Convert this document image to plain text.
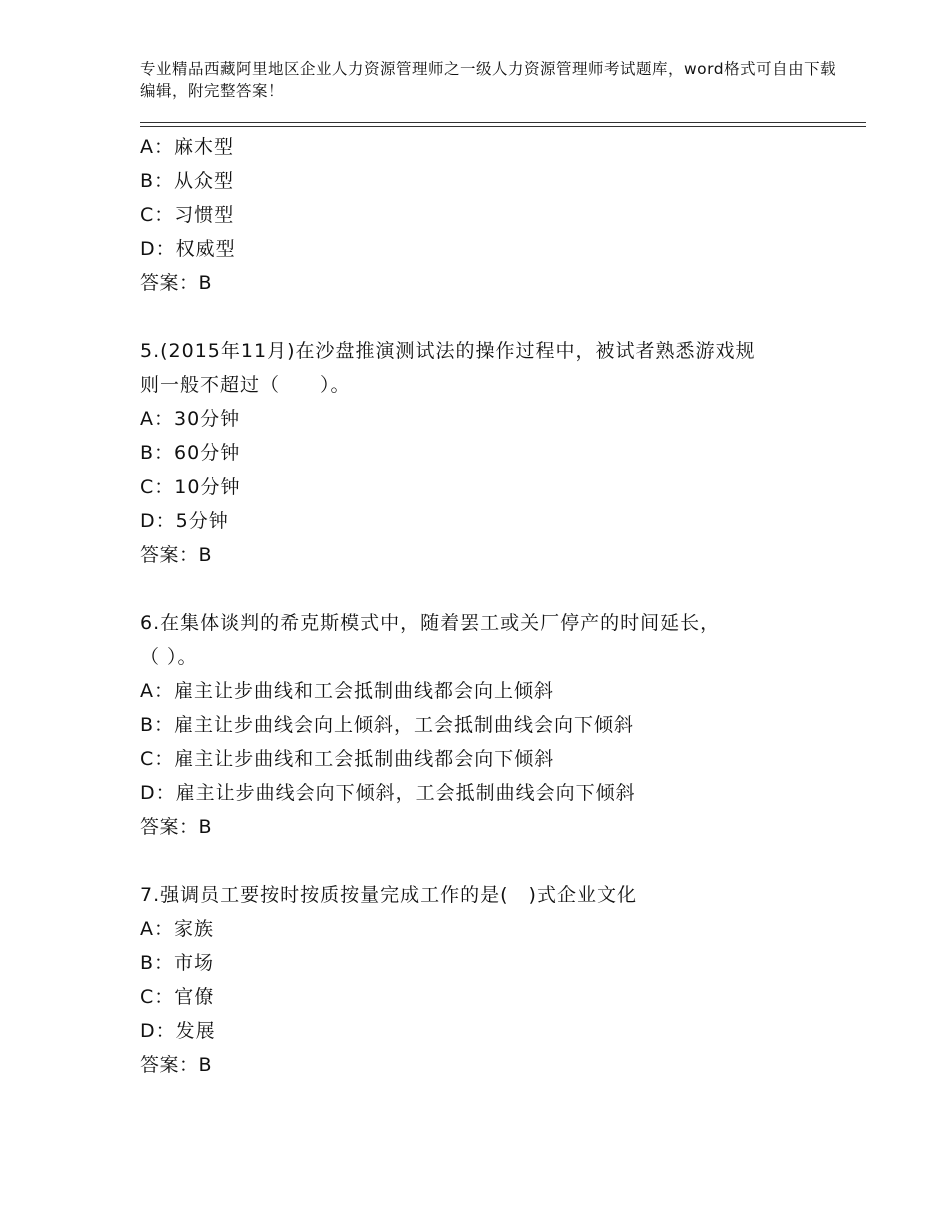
专业精品西藏阿里地区企业人力资源管理师之一级人力资源管理师考试题库，word格式可自由下载编辑，附完整答案！
A：麻木型
B：从众型
C：习惯型
D：权威型
答案：B
5.(2015年11月)在沙盘推演测试法的操作过程中，被试者熟悉游戏规
则一般不超过（　　）。
A：30分钟
B：60分钟
C：10分钟
D：5分钟
答案：B
6.在集体谈判的希克斯模式中，随着罢工或关厂停产的时间延长，
（ ）。
A：雇主让步曲线和工会抵制曲线都会向上倾斜
B：雇主让步曲线会向上倾斜，工会抵制曲线会向下倾斜
C：雇主让步曲线和工会抵制曲线都会向下倾斜
D：雇主让步曲线会向下倾斜，工会抵制曲线会向下倾斜
答案：B
7.强调员工要按时按质按量完成工作的是(　)式企业文化
A：家族
B：市场
C：官僚
D：发展
答案：B
